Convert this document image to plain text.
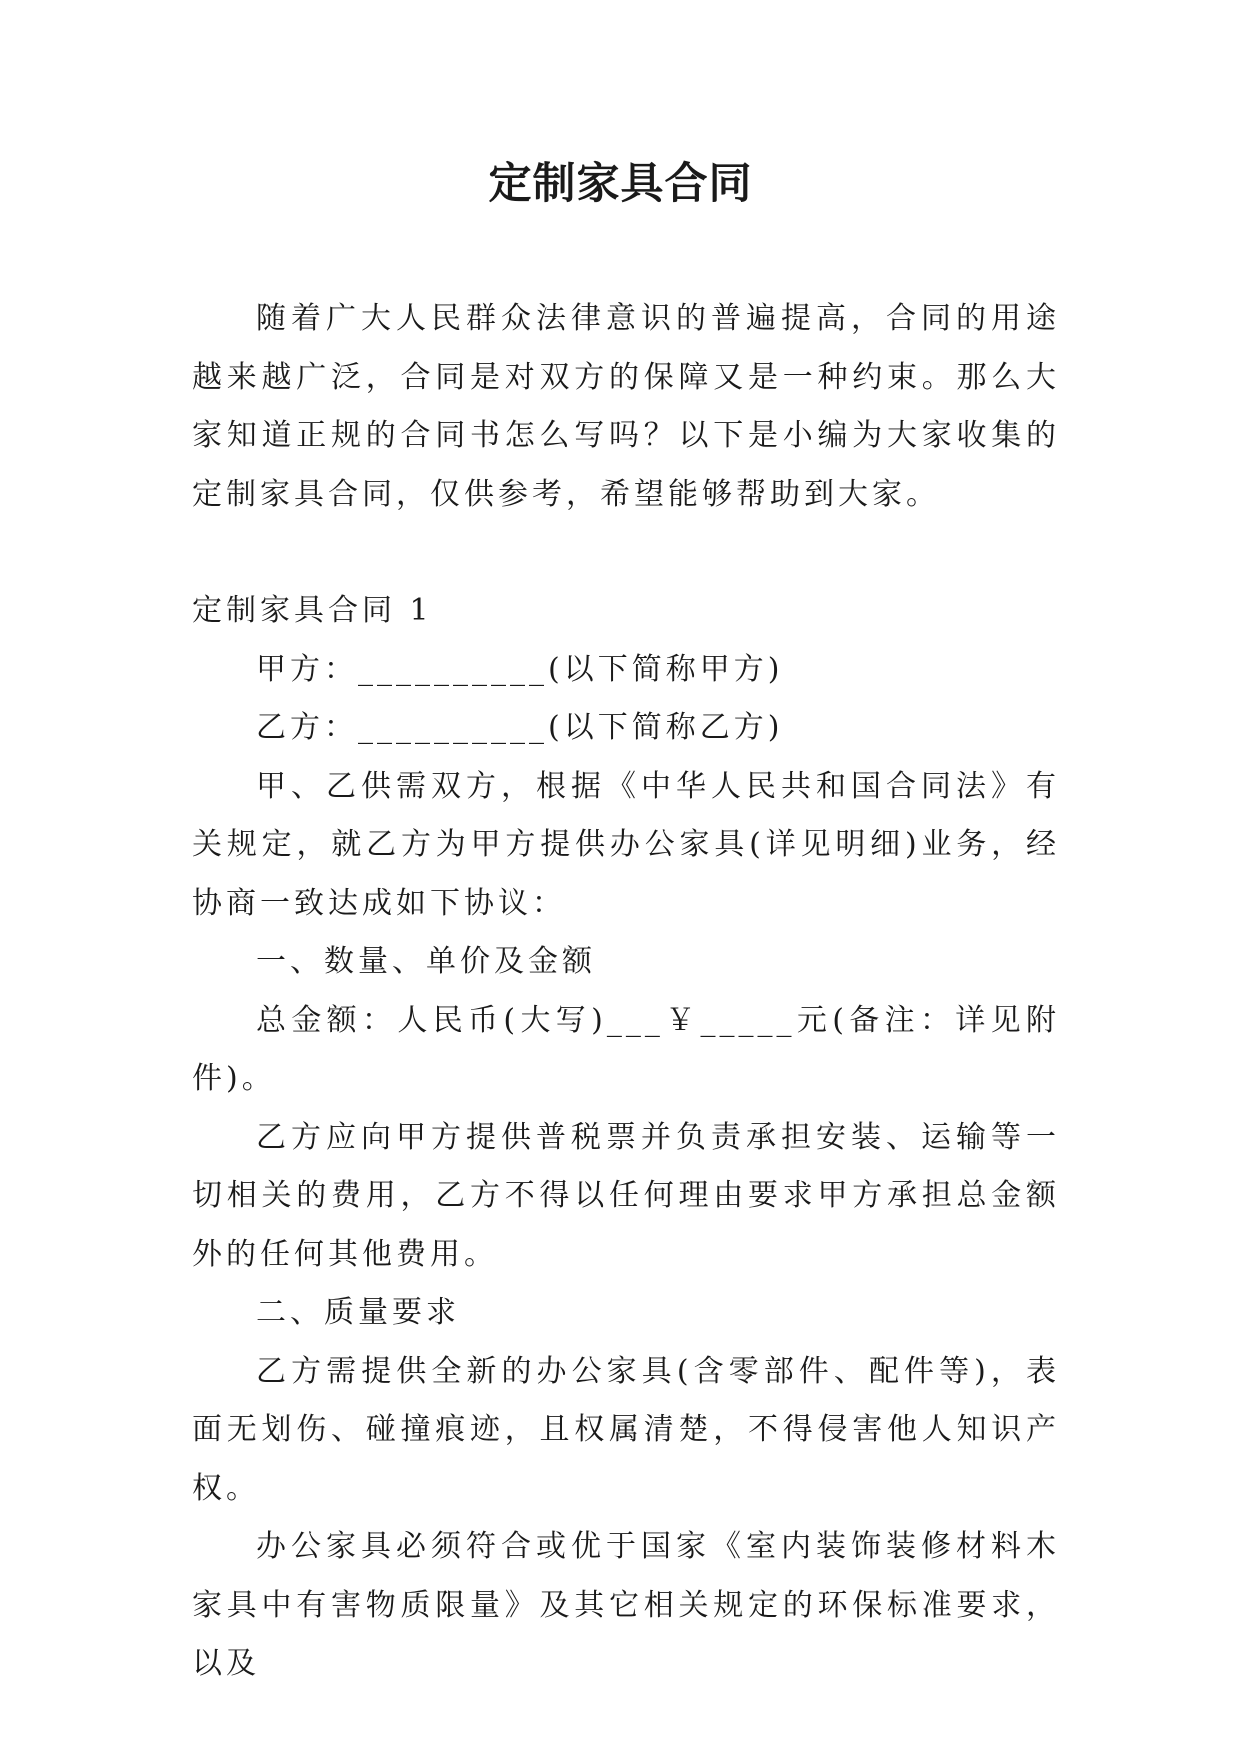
定制家具合同

随着广大人民群众法律意识的普遍提高，合同的用途越来越广泛，合同是对双方的保障又是一种约束。那么大家知道正规的合同书怎么写吗？以下是小编为大家收集的定制家具合同，仅供参考，希望能够帮助到大家。

定制家具合同 1

甲方：__________(以下简称甲方)

乙方：__________(以下简称乙方)

甲、乙供需双方，根据《中华人民共和国合同法》有关规定，就乙方为甲方提供办公家具(详见明细)业务，经协商一致达成如下协议：

一、数量、单价及金额

总金额：人民币(大写)___￥_____元(备注：详见附件)。

乙方应向甲方提供普税票并负责承担安装、运输等一切相关的费用，乙方不得以任何理由要求甲方承担总金额外的任何其他费用。

二、质量要求

乙方需提供全新的办公家具(含零部件、配件等)，表面无划伤、碰撞痕迹，且权属清楚，不得侵害他人知识产权。

办公家具必须符合或优于国家《室内装饰装修材料木家具中有害物质限量》及其它相关规定的环保标准要求，以及
